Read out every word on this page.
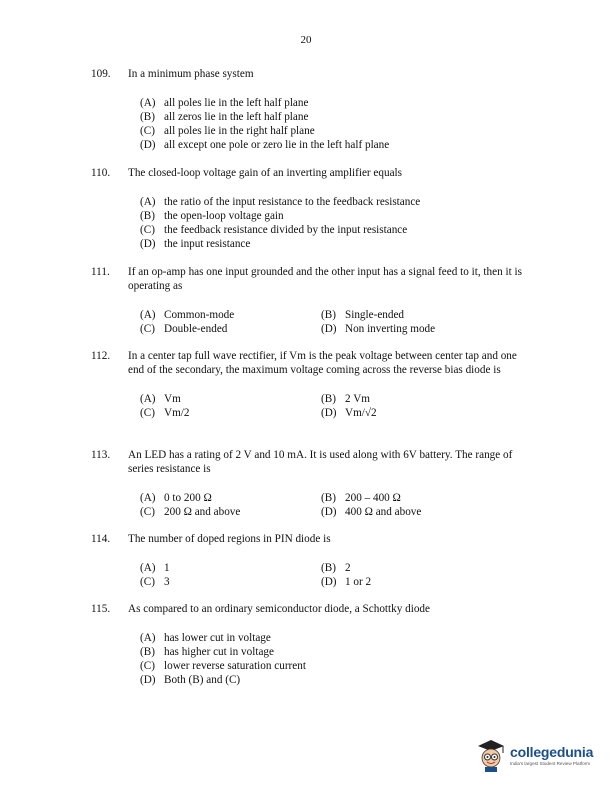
20
109.	In a minimum phase system
(A) all poles lie in the left half plane
(B) all zeros lie in the left half plane
(C) all poles lie in the right half plane
(D) all except one pole or zero lie in the left half plane
110.	The closed-loop voltage gain of an inverting amplifier equals
(A) the ratio of the input resistance to the feedback resistance
(B) the open-loop voltage gain
(C) the feedback resistance divided by the input resistance
(D) the input resistance
111.	If an op-amp has one input grounded and the other input has a signal feed to it, then it is operating as
(A) Common-mode	(B) Single-ended
(C) Double-ended	(D) Non inverting mode
112.	In a center tap full wave rectifier, if Vm is the peak voltage between center tap and one end of the secondary, the maximum voltage coming across the reverse bias diode is
(A) Vm	(B) 2 Vm
(C) Vm/2	(D) Vm/√2
113.	An LED has a rating of 2 V and 10 mA. It is used along with 6V battery. The range of series resistance is
(A) 0 to 200 Ω	(B) 200 – 400 Ω
(C) 200 Ω and above	(D) 400 Ω and above
114.	The number of doped regions in PIN diode is
(A) 1	(B) 2
(C) 3	(D) 1 or 2
115.	As compared to an ordinary semiconductor diode, a Schottky diode
(A) has lower cut in voltage
(B) has higher cut in voltage
(C) lower reverse saturation current
(D) Both (B) and (C)
collegedunia
India's largest Student Review Platform
